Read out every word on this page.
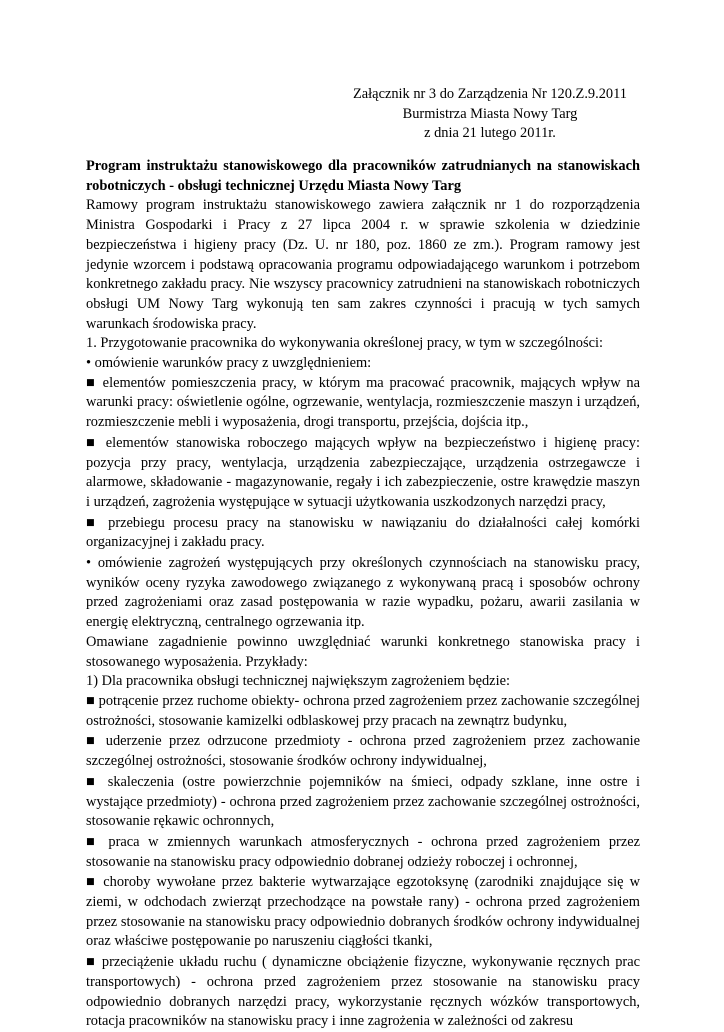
Załącznik nr 3 do Zarządzenia Nr 120.Z.9.2011
Burmistrza Miasta Nowy Targ
z dnia 21 lutego 2011r.

Program instruktażu stanowiskowego dla pracowników zatrudnianych na stanowiskach robotniczych - obsługi technicznej Urzędu Miasta Nowy Targ

Ramowy program instruktażu stanowiskowego zawiera załącznik nr 1 do rozporządzenia Ministra Gospodarki i Pracy z 27 lipca 2004 r. w sprawie szkolenia w dziedzinie bezpieczeństwa i higieny pracy (Dz. U. nr 180, poz. 1860 ze zm.). Program ramowy jest jedynie wzorcem i podstawą opracowania programu odpowiadającego warunkom i potrzebom konkretnego zakładu pracy. Nie wszyscy pracownicy zatrudnieni na stanowiskach robotniczych obsługi UM Nowy Targ wykonują ten sam zakres czynności i pracują w tych samych warunkach środowiska pracy.

1. Przygotowanie pracownika do wykonywania określonej pracy, w tym w szczególności:

• omówienie warunków pracy z uwzględnieniem:

■ elementów pomieszczenia pracy, w którym ma pracować pracownik, mających wpływ na warunki pracy: oświetlenie ogólne, ogrzewanie, wentylacja, rozmieszczenie maszyn i urządzeń, rozmieszczenie mebli i wyposażenia, drogi transportu, przejścia, dojścia itp.,

■ elementów stanowiska roboczego mających wpływ na bezpieczeństwo i higienę pracy: pozycja przy pracy, wentylacja, urządzenia zabezpieczające, urządzenia ostrzegawcze i alarmowe, składowanie - magazynowanie, regały i ich zabezpieczenie, ostre krawędzie maszyn i urządzeń, zagrożenia występujące w sytuacji użytkowania uszkodzonych narzędzi pracy,

■ przebiegu procesu pracy na stanowisku w nawiązaniu do działalności całej komórki organizacyjnej i zakładu pracy.

• omówienie zagrożeń występujących przy określonych czynnościach na stanowisku pracy, wyników oceny ryzyka zawodowego związanego z wykonywaną pracą i sposobów ochrony przed zagrożeniami oraz zasad postępowania w razie wypadku, pożaru, awarii zasilania w energię elektryczną, centralnego ogrzewania itp.

Omawiane zagadnienie powinno uwzględniać warunki konkretnego stanowiska pracy i stosowanego wyposażenia. Przykłady:

1) Dla pracownika obsługi technicznej największym zagrożeniem będzie:

■ potrącenie przez ruchome obiekty- ochrona przed zagrożeniem przez zachowanie szczególnej ostrożności, stosowanie kamizelki odblaskowej przy pracach na zewnątrz budynku,

■ uderzenie przez odrzucone przedmioty - ochrona przed zagrożeniem przez zachowanie szczególnej ostrożności, stosowanie środków ochrony indywidualnej,

■ skaleczenia (ostre powierzchnie pojemników na śmieci, odpady szklane, inne ostre i wystające przedmioty) - ochrona przed zagrożeniem przez zachowanie szczególnej ostrożności, stosowanie rękawic ochronnych,

■ praca w zmiennych warunkach atmosferycznych - ochrona przed zagrożeniem przez stosowanie na stanowisku pracy odpowiednio dobranej odzieży roboczej i ochronnej,

■ choroby wywołane przez bakterie wytwarzające egzotoksynę (zarodniki znajdujące się w ziemi, w odchodach zwierząt przechodzące na powstałe rany) - ochrona przed zagrożeniem przez stosowanie na stanowisku pracy odpowiednio dobranych środków ochrony indywidualnej oraz właściwe postępowanie po naruszeniu ciągłości tkanki,

■ przeciążenie układu ruchu ( dynamiczne obciążenie fizyczne, wykonywanie ręcznych prac transportowych) - ochrona przed zagrożeniem przez stosowanie na stanowisku pracy odpowiednio dobranych narzędzi pracy, wykorzystanie ręcznych wózków transportowych, rotacja pracowników na stanowisku pracy i inne zagrożenia w zależności od zakresu
